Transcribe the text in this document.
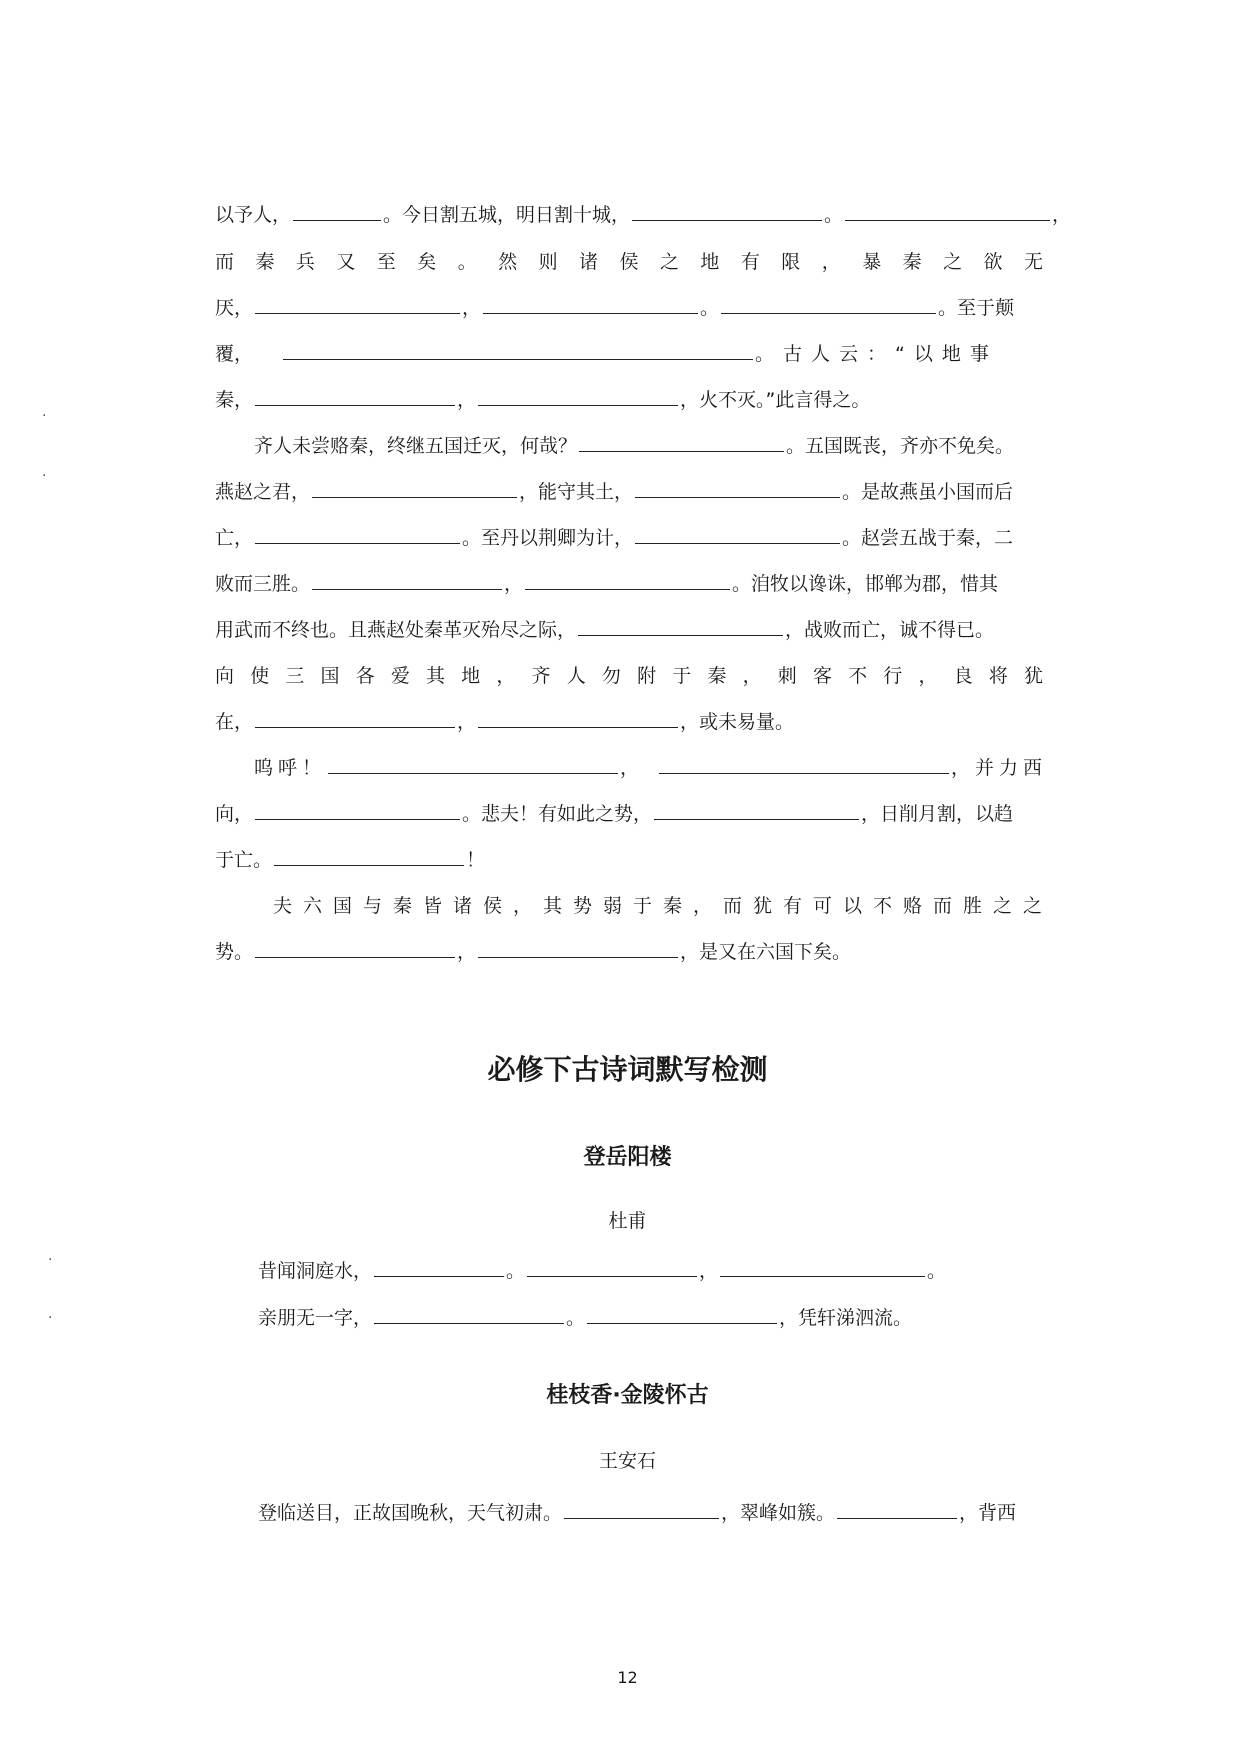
以予人，	。今日割五城，明日割十城，	。	，
而秦兵又至矣。然则诸侯之地有限，暴秦之欲无
厌，	，	。	。至于颠
覆，	。古人云：“以地事
秦，	，	，火不灭。”此言得之。
齐人未尝赂秦，终继五国迁灭，何哉？	。五国既丧，齐亦不免矣。
燕赵之君，	，能守其土，	。是故燕虽小国而后
亡，	。至丹以荆卿为计，	。赵尝五战于秦，二
败而三胜。	，	。洎牧以谗诛，邯郸为郡，惜其
用武而不终也。且燕赵处秦革灭殆尽之际，	，战败而亡，诚不得已。
向使三国各爱其地，齐人勿附于秦，刺客不行，良将犹
在，	，	，或未易量。
呜呼！	，	，并力西
向，	。悲夫！有如此之势，	，日削月割，以趋
于亡。	！
夫六国与秦皆诸侯，其势弱于秦，而犹有可以不赂而胜之之
势。	，	，是又在六国下矣。
必修下古诗词默写检测
登岳阳楼
杜甫
昔闻洞庭水，	。	，	。
亲朋无一字，	。	，凭轩涕泗流。
桂枝香·金陵怀古
王安石
登临送目，正故国晚秋，天气初肃。	，翠峰如簇。	，背西
12
·
·
·
·
